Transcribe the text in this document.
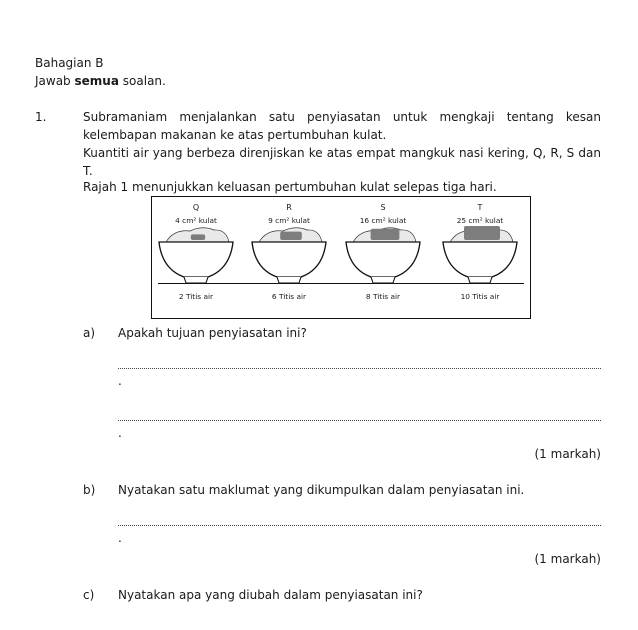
Bahagian B
Jawab semua soalan.
1.	Subramaniam menjalankan satu penyiasatan untuk mengkaji tentang kesan
kelembapan makanan ke atas pertumbuhan kulat.
Kuantiti air yang berbeza direnjiskan ke atas empat mangkuk nasi kering, Q, R, S dan
T.
Rajah 1 menunjukkan keluasan pertumbuhan kulat selepas tiga hari.
Q	R	S	T
4 cm² kulat	9 cm² kulat	16 cm² kulat	25 cm² kulat
2 Titis air	6 Titis air	8 Titis air	10 Titis air
a) Apakah tujuan penyiasatan ini?
.
.
(1 markah)
b) Nyatakan satu maklumat yang dikumpulkan dalam penyiasatan ini.
.
(1 markah)
c) Nyatakan apa yang diubah dalam penyiasatan ini?
